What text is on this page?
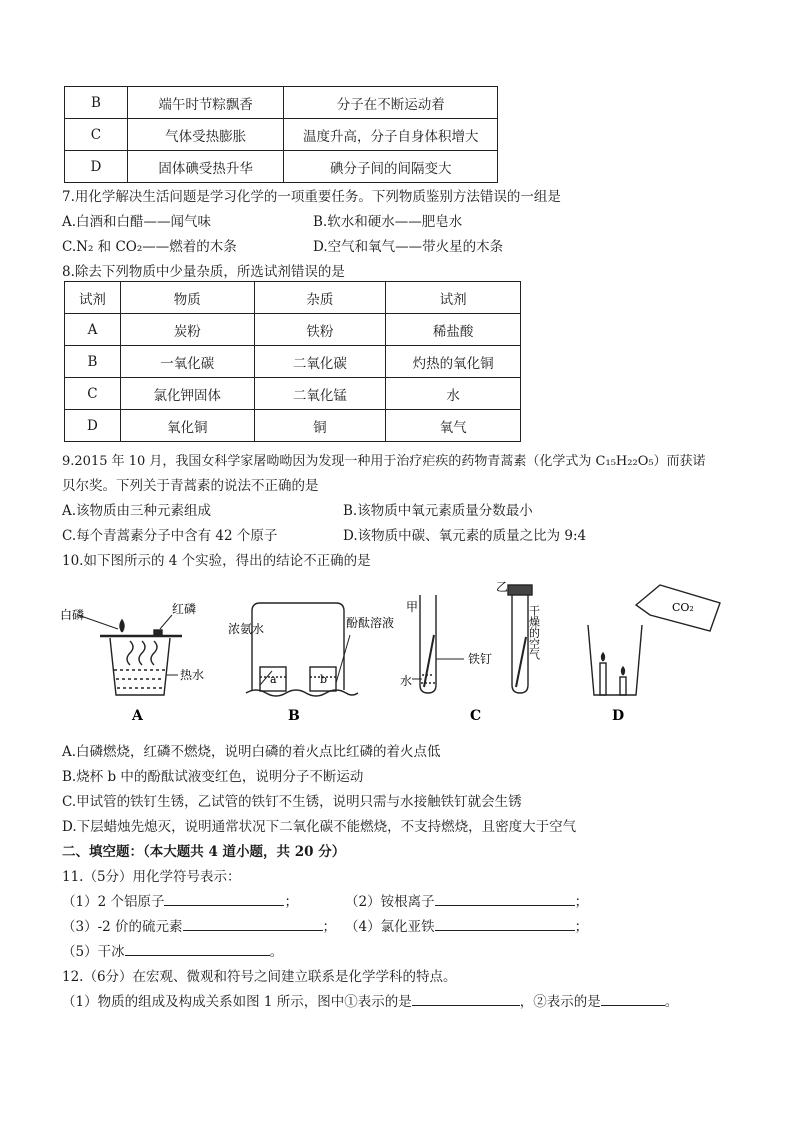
B	端午时节粽飘香	分子在不断运动着
C	气体受热膨胀	温度升高，分子自身体积增大
D	固体碘受热升华	碘分子间的间隔变大
7.用化学解决生活问题是学习化学的一项重要任务。下列物质鉴别方法错误的一组是
A.白酒和白醋——闻气味	B.软水和硬水——肥皂水
C.N₂ 和 CO₂——燃着的木条	D.空气和氧气——带火星的木条
8.除去下列物质中少量杂质，所选试剂错误的是
试剂	物质	杂质	试剂
A	炭粉	铁粉	稀盐酸
B	一氧化碳	二氧化碳	灼热的氧化铜
C	氯化钾固体	二氧化锰	水
D	氧化铜	铜	氧气
9.2015 年 10 月，我国女科学家屠呦呦因为发现一种用于治疗疟疾的药物青蒿素（化学式为 C₁₅H₂₂O₅）而获诺
贝尔奖。下列关于青蒿素的说法不正确的是
A.该物质由三种元素组成	B.该物质中氧元素质量分数最小
C.每个青蒿素分子中含有 42 个原子	D.该物质中碳、氧元素的质量之比为 9:4
10.如下图所示的 4 个实验，得出的结论不正确的是
白磷	红磷
热水
A
浓氨水	酚酞溶液
a	b
B
甲
乙
铁钉
水
干燥的空气
C
CO₂
D
A.白磷燃烧，红磷不燃烧，说明白磷的着火点比红磷的着火点低
B.烧杯 b 中的酚酞试液变红色，说明分子不断运动
C.甲试管的铁钉生锈，乙试管的铁钉不生锈，说明只需与水接触铁钉就会生锈
D.下层蜡烛先熄灭，说明通常状况下二氧化碳不能燃烧，不支持燃烧，且密度大于空气
二、填空题：（本大题共 4 道小题，共 20 分）
11.（5分）用化学符号表示：
（1）2 个铝原子	；	（2）铵根离子	；
（3）-2 价的硫元素	； （4）氯化亚铁	；
（5）干冰	。
12.（6分）在宏观、微观和符号之间建立联系是化学学科的特点。
（1）物质的组成及构成关系如图 1 所示，图中①表示的是	，②表示的是	。
